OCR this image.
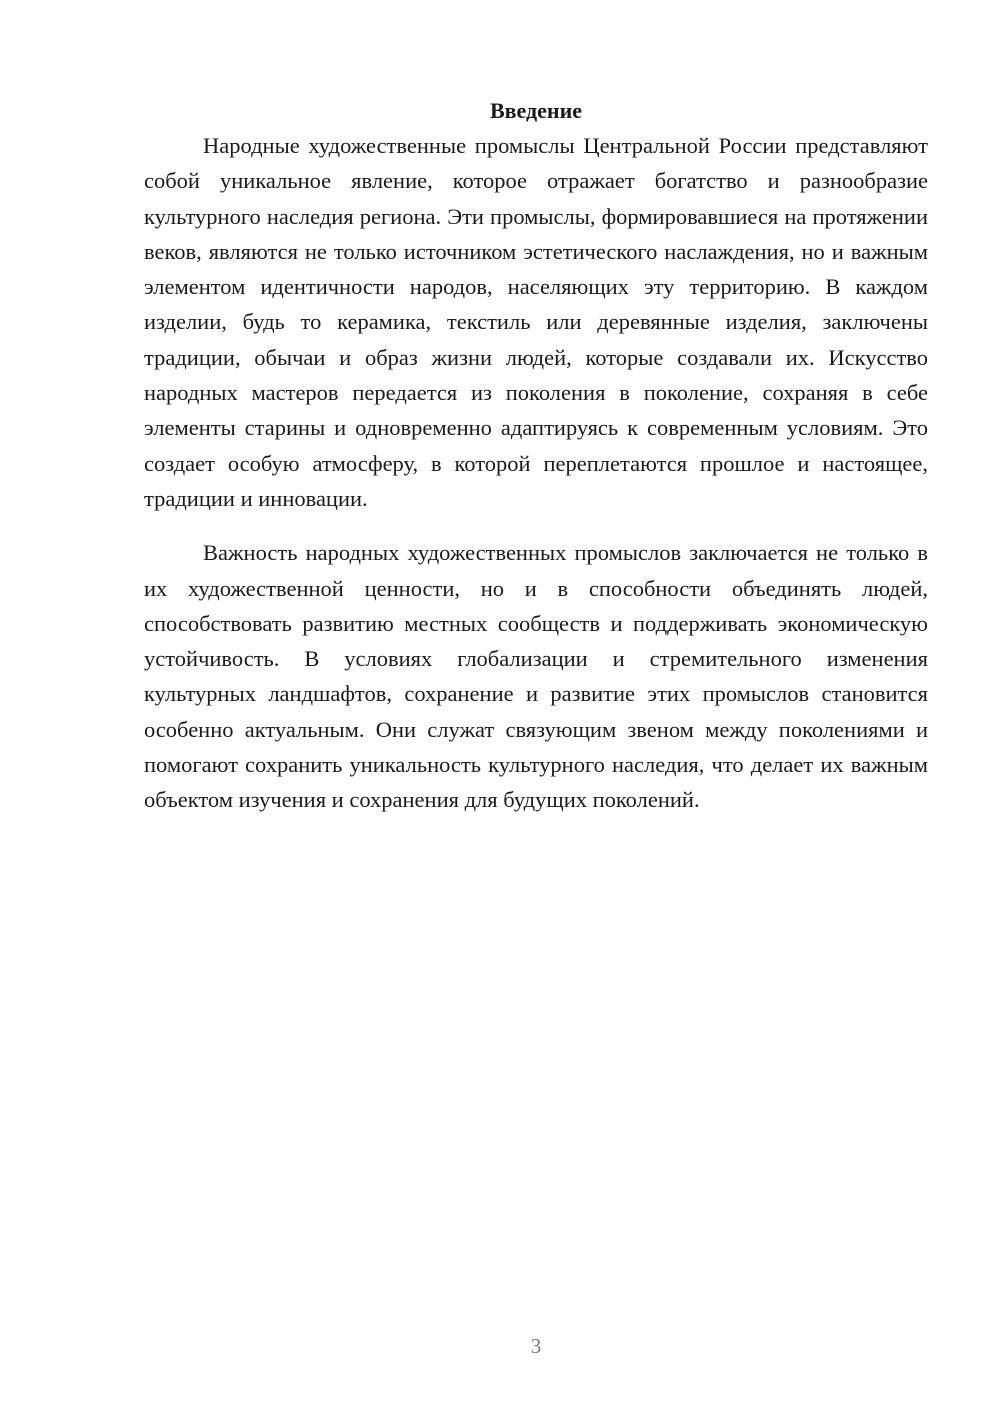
Введение

Народные художественные промыслы Центральной России представляют собой уникальное явление, которое отражает богатство и разнообразие культурного наследия региона. Эти промыслы, формировавшиеся на протяжении веков, являются не только источником эстетического наслаждения, но и важным элементом идентичности народов, населяющих эту территорию. В каждом изделии, будь то керамика, текстиль или деревянные изделия, заключены традиции, обычаи и образ жизни людей, которые создавали их. Искусство народных мастеров передается из поколения в поколение, сохраняя в себе элементы старины и одновременно адаптируясь к современным условиям. Это создает особую атмосферу, в которой переплетаются прошлое и настоящее, традиции и инновации.

Важность народных художественных промыслов заключается не только в их художественной ценности, но и в способности объединять людей, способствовать развитию местных сообществ и поддерживать экономическую устойчивость. В условиях глобализации и стремительного изменения культурных ландшафтов, сохранение и развитие этих промыслов становится особенно актуальным. Они служат связующим звеном между поколениями и помогают сохранить уникальность культурного наследия, что делает их важным объектом изучения и сохранения для будущих поколений.

3
